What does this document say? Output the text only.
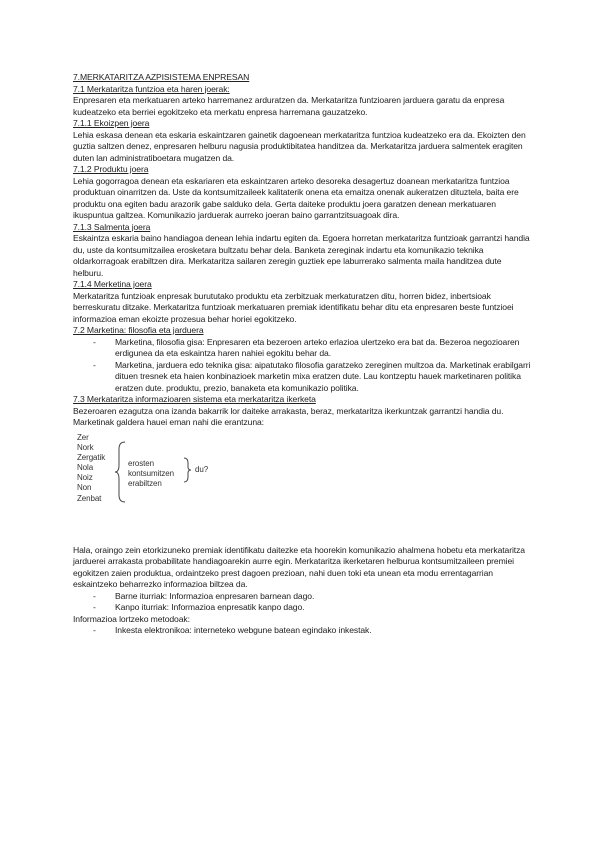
7.MERKATARITZA AZPISISTEMA ENPRESAN

7.1 Merkataritza funtzioa eta haren joerak:

Enpresaren eta merkatuaren arteko harremanez arduratzen da. Merkataritza funtzioaren jarduera garatu da enpresa kudeatzeko eta berriei egokitzeko eta merkatu enpresa harremana gauzatzeko.

7.1.1 Ekoizpen joera

Lehia eskasa denean eta eskaria eskaintzaren gainetik dagoenean merkataritza funtzioa kudeatzeko era da. Ekoizten den guztia saltzen denez, enpresaren helburu nagusia produktibitatea handitzea da. Merkataritza jarduera salmentek eragiten duten lan administratiboetara mugatzen da.

7.1.2 Produktu joera

Lehia gogorragoa denean eta eskariaren eta eskaintzaren arteko desoreka desagertuz doanean merkataritza funtzioa produktuan oinarritzen da. Uste da kontsumitzaileek kalitaterik onena eta emaitza onenak aukeratzen dituztela, baita ere produktu ona egiten badu arazorik gabe salduko dela. Gerta daiteke produktu joera garatzen denean merkatuaren ikuspuntua galtzea. Komunikazio jarduerak aurreko joeran baino garrantzitsuagoak dira.

7.1.3 Salmenta joera

Eskaintza eskaria baino handiagoa denean lehia indartu egiten da. Egoera horretan merkataritza funtzioak garrantzi handia du, uste da kontsumitzailea erosketara bultzatu behar dela. Banketa zereginak indartu eta komunikazio teknika oldarkorragoak erabiltzen dira. Merkataritza sailaren zeregin guztiek epe laburrerako salmenta maila handitzea dute helburu.

7.1.4 Merketina joera

Merkataritza funtzioak enpresak burututako produktu eta zerbitzuak merkaturatzen ditu, horren bidez, inbertsioak berreskuratu ditzake. Merkataritza funtzioak merkatuaren premiak identifikatu behar ditu eta enpresaren beste funtzioei informazioa eman ekoizte prozesua behar horiei egokitzeko.

7.2 Marketina: filosofia eta jarduera

- Marketina, filosofia gisa: Enpresaren eta bezeroen arteko erlazioa ulertzeko era bat da. Bezeroa negozioaren erdigunea da eta eskaintza haren nahiei egokitu behar da.
- Marketina, jarduera edo teknika gisa: aipatutako filosofia garatzeko zereginen multzoa da. Marketinak erabilgarri dituen tresnek eta haien konbinazioek marketin mixa eratzen dute. Lau kontzeptu hauek marketinaren politika eratzen dute. produktu, prezio, banaketa eta komunikazio politika.

7.3 Merkataritza informazioaren sistema eta merkataritza ikerketa

Bezeroaren ezagutza ona izanda bakarrik lor daiteke arrakasta, beraz, merkataritza ikerkuntzak garrantzi handia du. Marketinak galdera hauei eman nahi die erantzuna:

Zer
Nork
Zergatik
Nola
Noiz
Non
Zenbat
erosten
kontsumitzen
erabiltzen
du?

Hala, oraingo zein etorkizuneko premiak identifikatu daitezke eta hoorekin komunikazio ahalmena hobetu eta merkataritza jarduerei arrakasta probabilitate handiagoarekin aurre egin. Merkataritza ikerketaren helburua kontsumitzaileen premiei egokitzen zaien produktua, ordaintzeko prest dagoen prezioan, nahi duen toki eta unean eta modu errentagarrian eskaintzeko beharrezko informazioa biltzea da.

- Barne iturriak: Informazioa enpresaren barnean dago.
- Kanpo iturriak: Informazioa enpresatik kanpo dago.

Informazioa lortzeko metodoak:

- Inkesta elektronikoa: interneteko webgune batean egindako inkestak.
